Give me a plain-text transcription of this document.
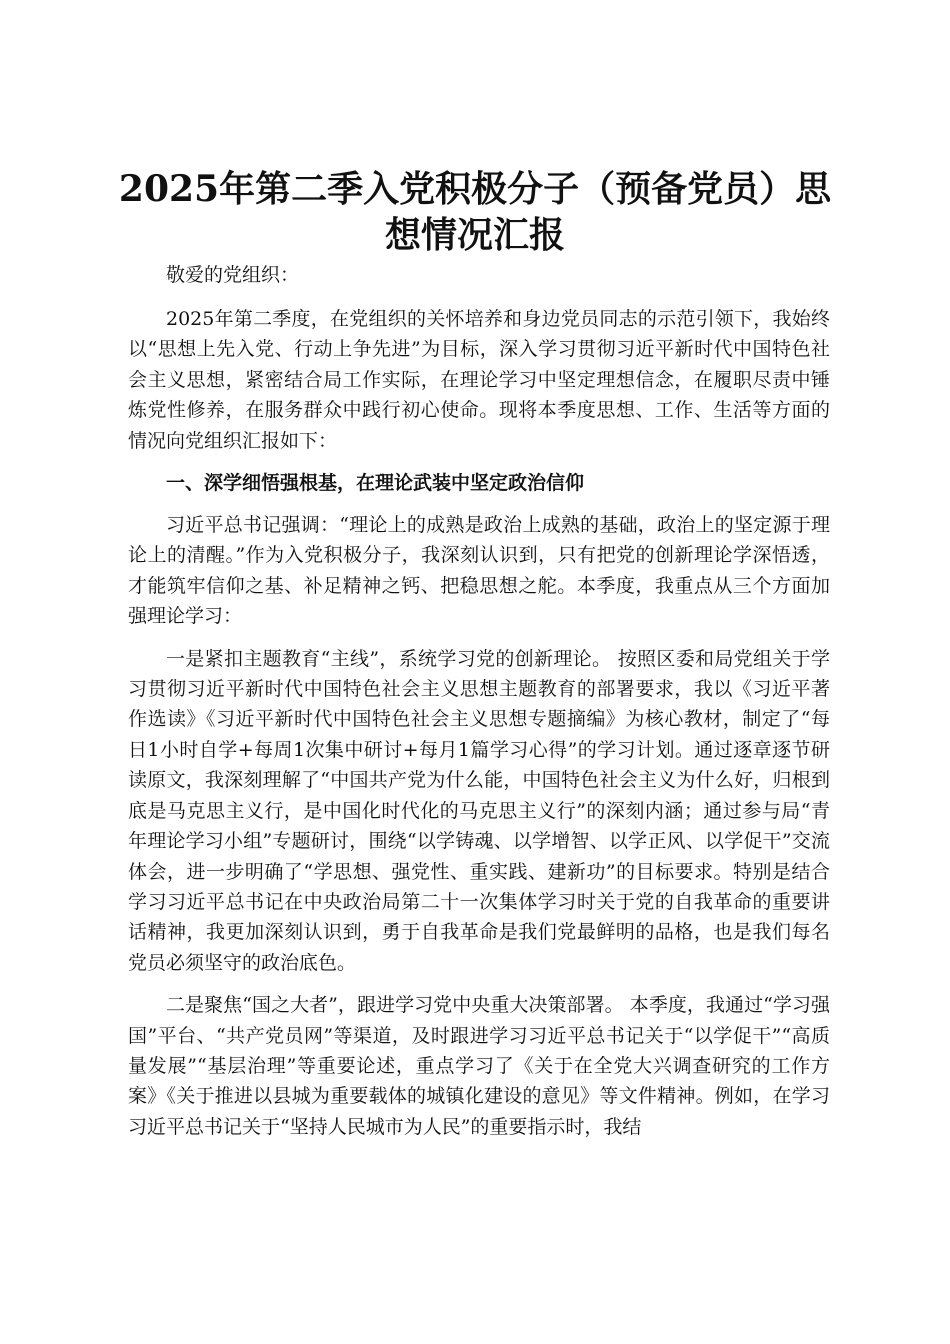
2025年第二季入党积极分子（预备党员）思想情况汇报

敬爱的党组织：

2025年第二季度，在党组织的关怀培养和身边党员同志的示范引领下，我始终以“思想上先入党、行动上争先进”为目标，深入学习贯彻习近平新时代中国特色社会主义思想，紧密结合局工作实际，在理论学习中坚定理想信念，在履职尽责中锤炼党性修养，在服务群众中践行初心使命。现将本季度思想、工作、生活等方面的情况向党组织汇报如下：

一、深学细悟强根基，在理论武装中坚定政治信仰

习近平总书记强调：“理论上的成熟是政治上成熟的基础，政治上的坚定源于理论上的清醒。”作为入党积极分子，我深刻认识到，只有把党的创新理论学深悟透，才能筑牢信仰之基、补足精神之钙、把稳思想之舵。本季度，我重点从三个方面加强理论学习：

一是紧扣主题教育“主线”，系统学习党的创新理论。 按照区委和局党组关于学习贯彻习近平新时代中国特色社会主义思想主题教育的部署要求，我以《习近平著作选读》《习近平新时代中国特色社会主义思想专题摘编》为核心教材，制定了“每日1小时自学+每周1次集中研讨+每月1篇学习心得”的学习计划。通过逐章逐节研读原文，我深刻理解了“中国共产党为什么能，中国特色社会主义为什么好，归根到底是马克思主义行，是中国化时代化的马克思主义行”的深刻内涵；通过参与局“青年理论学习小组”专题研讨，围绕“以学铸魂、以学增智、以学正风、以学促干”交流体会，进一步明确了“学思想、强党性、重实践、建新功”的目标要求。特别是结合学习习近平总书记在中央政治局第二十一次集体学习时关于党的自我革命的重要讲话精神，我更加深刻认识到，勇于自我革命是我们党最鲜明的品格，也是我们每名党员必须坚守的政治底色。

二是聚焦“国之大者”，跟进学习党中央重大决策部署。 本季度，我通过“学习强国”平台、“共产党员网”等渠道，及时跟进学习习近平总书记关于“以学促干”“高质量发展”“基层治理”等重要论述，重点学习了《关于在全党大兴调查研究的工作方案》《关于推进以县城为重要载体的城镇化建设的意见》等文件精神。例如，在学习习近平总书记关于“坚持人民城市为人民”的重要指示时，我结
